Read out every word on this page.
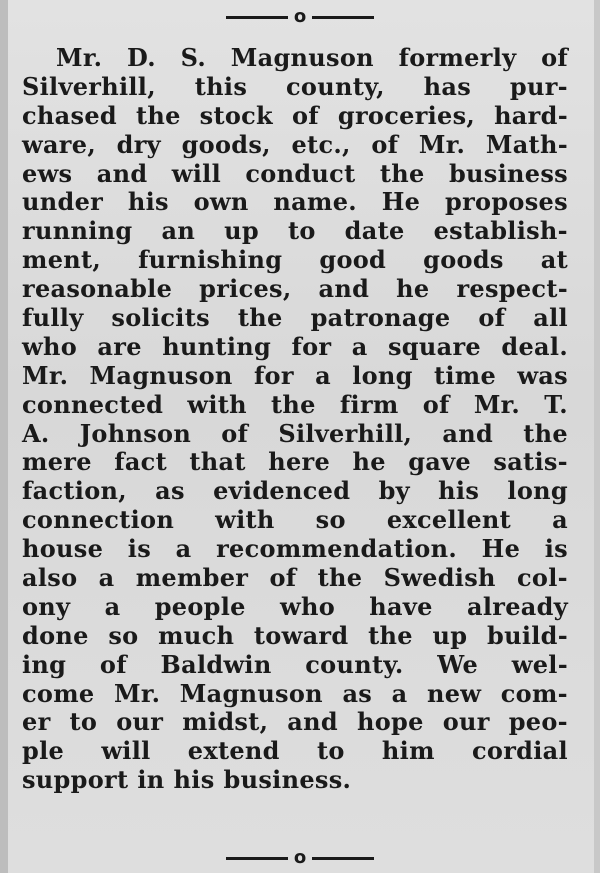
o
Mr. D. S. Magnuson formerly of
Silverhill, this county, has pur-
chased the stock of groceries, hard-
ware, dry goods, etc., of Mr. Math-
ews and will conduct the business
under his own name. He proposes
running an up to date establish-
ment, furnishing good goods at
reasonable prices, and he respect-
fully solicits the patronage of all
who are hunting for a square deal.
Mr. Magnuson for a long time was
connected with the firm of Mr. T.
A. Johnson of Silverhill, and the
mere fact that here he gave satis-
faction, as evidenced by his long
connection with so excellent a
house is a recommendation. He is
also a member of the Swedish col-
ony a people who have already
done so much toward the up build-
ing of Baldwin county. We wel-
come Mr. Magnuson as a new com-
er to our midst, and hope our peo-
ple will extend to him cordial
support in his business.
o
